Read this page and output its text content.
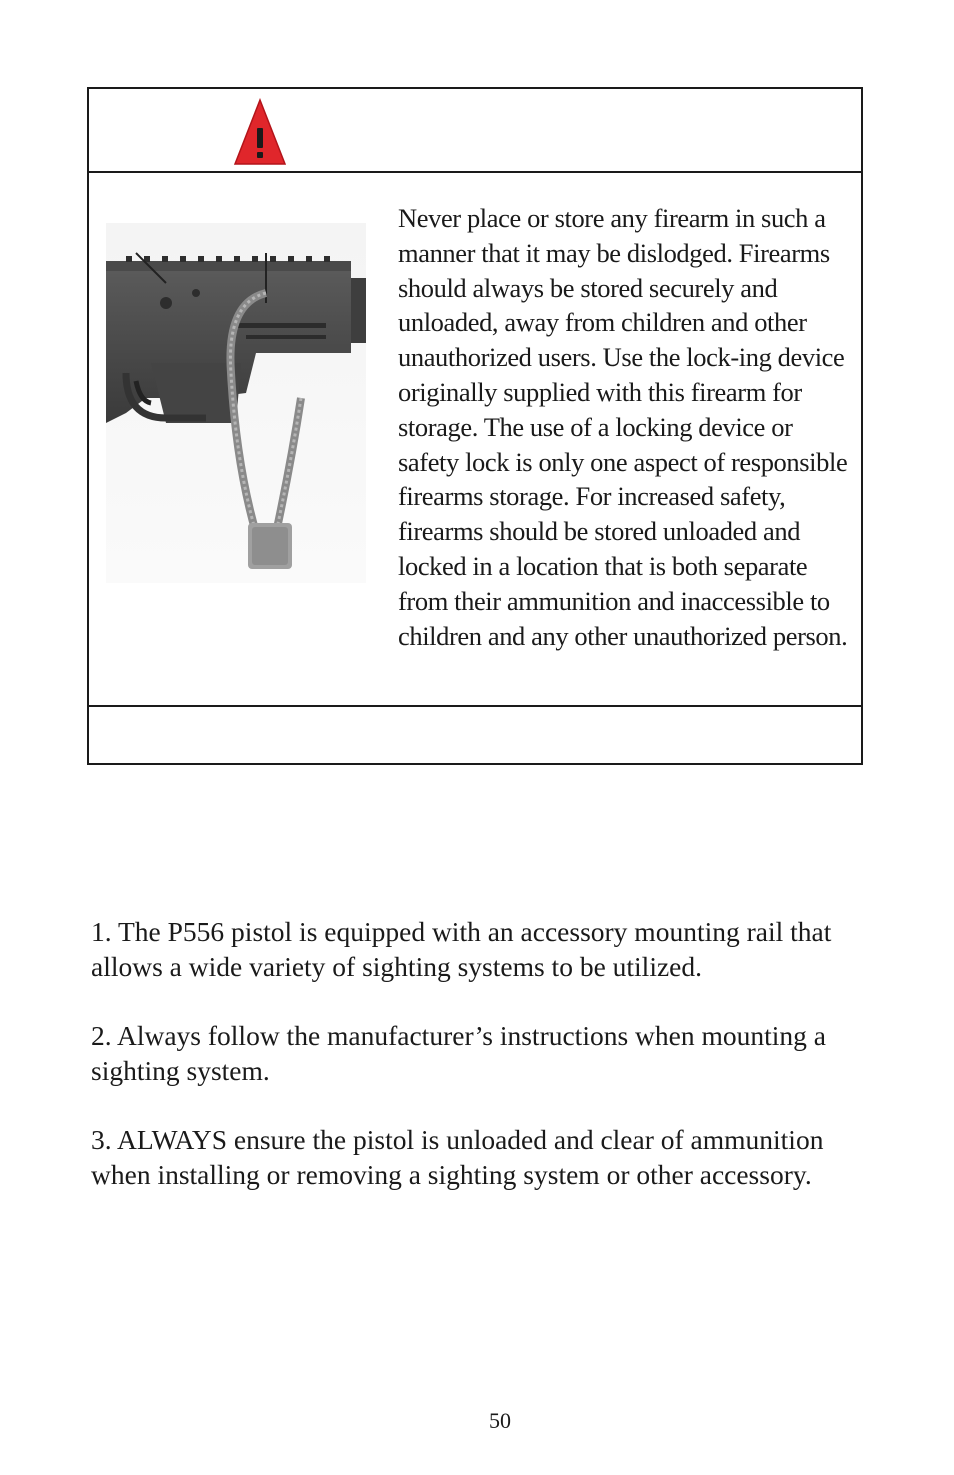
Never place or store any firearm in such a manner that it may be dislodged. Firearms should always be stored securely and unloaded, away from children and other unauthorized users. Use the lock-ing device originally supplied with this firearm for storage. The use of a locking device or safety lock is only one aspect of responsible firearms storage. For increased safety, firearms should be stored unloaded and locked in a location that is both separate from their ammunition and inaccessible to children and any other unauthorized person.

1. The P556 pistol is equipped with an accessory mounting rail that allows a wide variety of sighting systems to be utilized.

2. Always follow the manufacturer’s instructions when mounting a sighting system.

3. ALWAYS ensure the pistol is unloaded and clear of ammunition when installing or removing a sighting system or other accessory.

50
